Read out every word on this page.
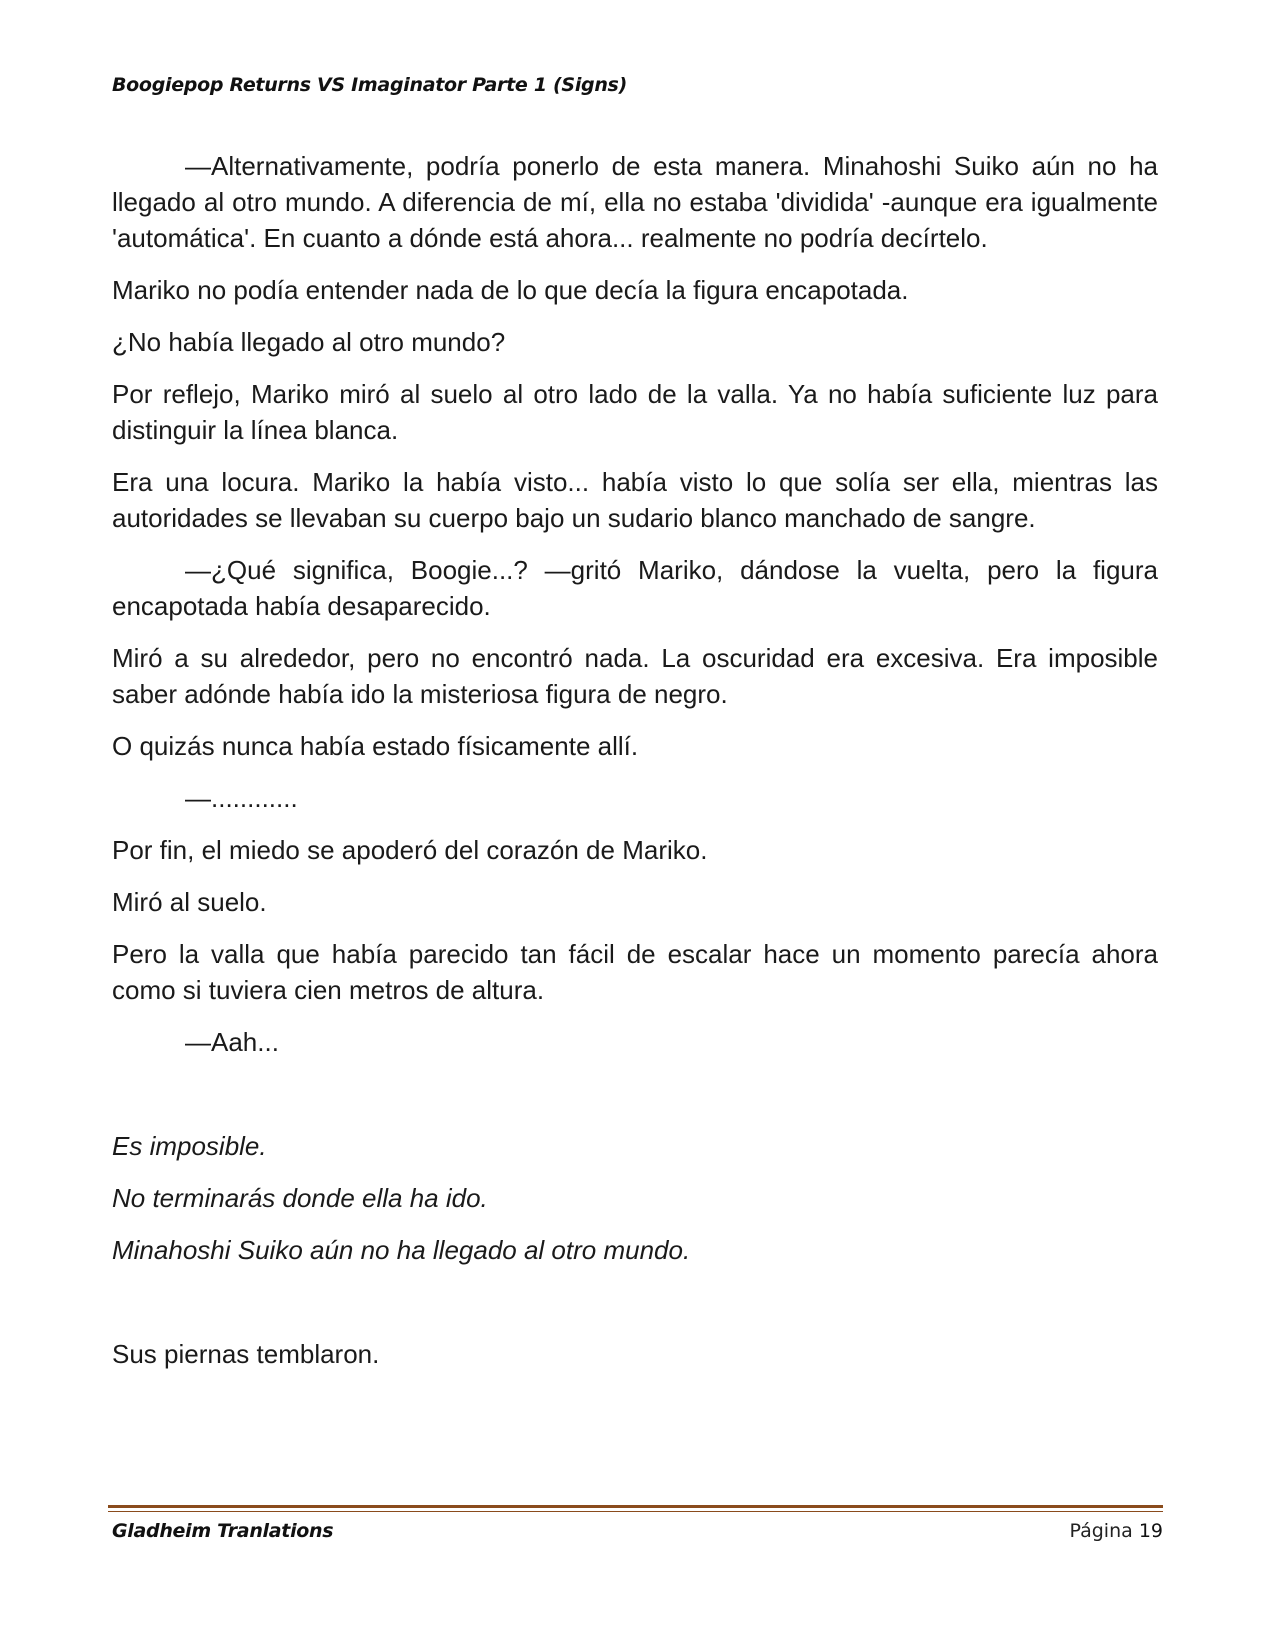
Boogiepop Returns VS Imaginator Parte 1 (Signs)

—Alternativamente, podría ponerlo de esta manera. Minahoshi Suiko aún no ha llegado al otro mundo. A diferencia de mí, ella no estaba 'dividida' -aunque era igualmente 'automática'. En cuanto a dónde está ahora... realmente no podría decírtelo.

Mariko no podía entender nada de lo que decía la figura encapotada.

¿No había llegado al otro mundo?

Por reflejo, Mariko miró al suelo al otro lado de la valla. Ya no había suficiente luz para distinguir la línea blanca.

Era una locura. Mariko la había visto... había visto lo que solía ser ella, mientras las autoridades se llevaban su cuerpo bajo un sudario blanco manchado de sangre.

—¿Qué significa, Boogie...? —gritó Mariko, dándose la vuelta, pero la figura encapotada había desaparecido.

Miró a su alrededor, pero no encontró nada. La oscuridad era excesiva. Era imposible saber adónde había ido la misteriosa figura de negro.

O quizás nunca había estado físicamente allí.

—............

Por fin, el miedo se apoderó del corazón de Mariko.

Miró al suelo.

Pero la valla que había parecido tan fácil de escalar hace un momento parecía ahora como si tuviera cien metros de altura.

—Aah...

Es imposible.

No terminarás donde ella ha ido.

Minahoshi Suiko aún no ha llegado al otro mundo.

Sus piernas temblaron.

Gladheim Tranlations	Página 19
